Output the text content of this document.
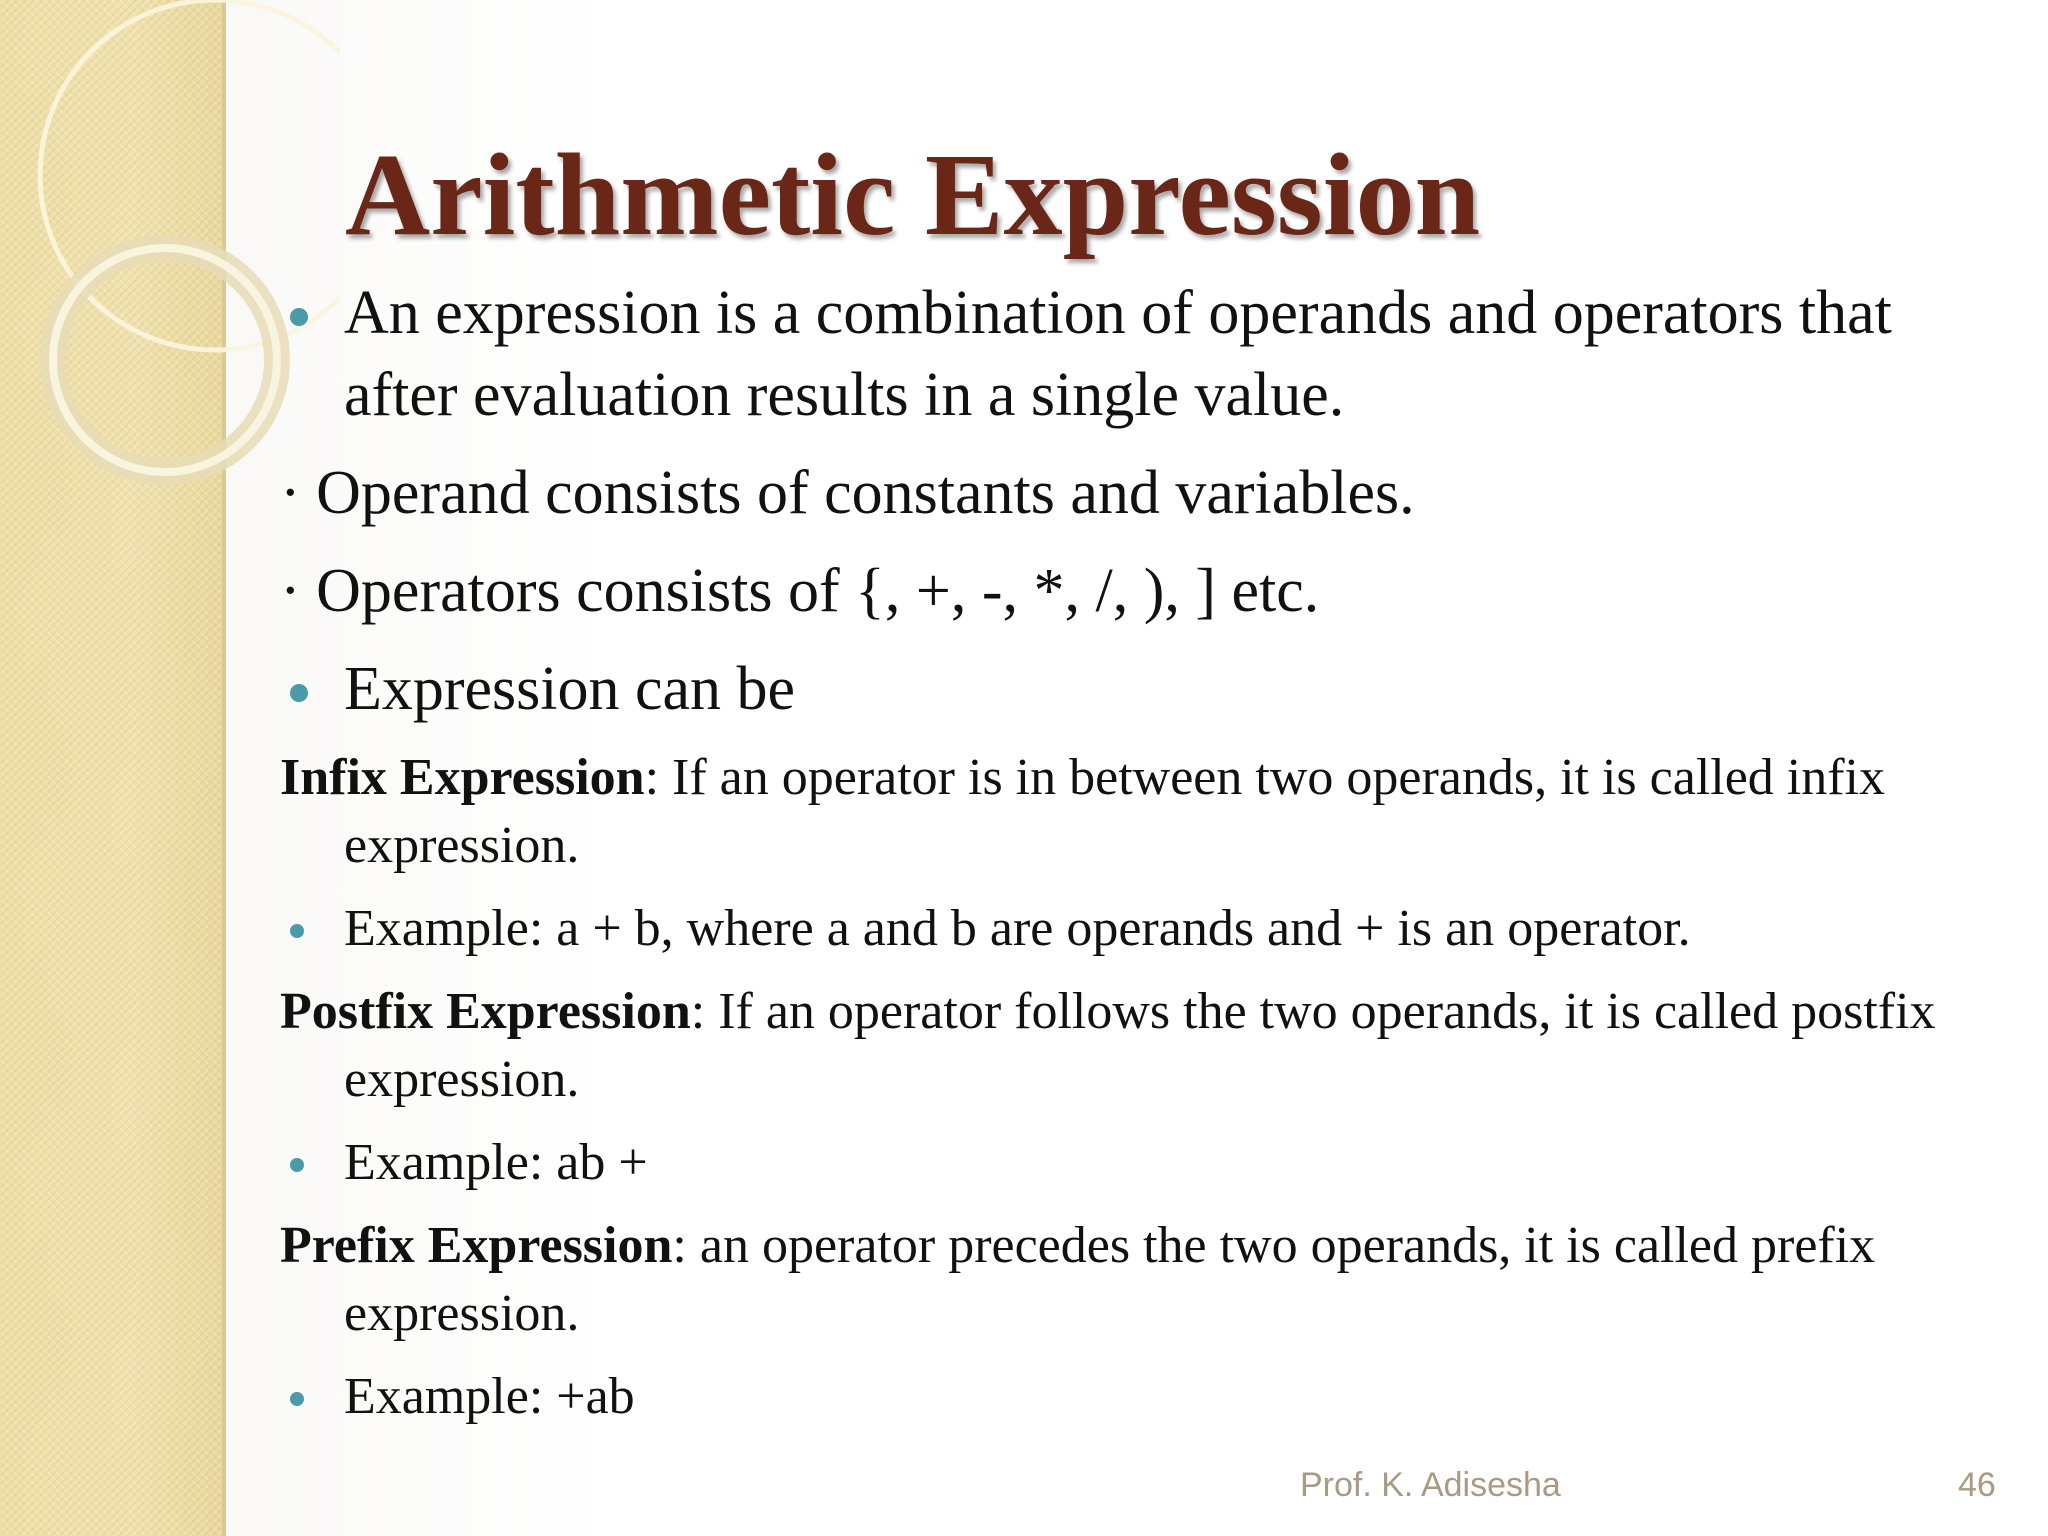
Arithmetic Expression
An expression is a combination of operands and operators that after evaluation results in a single value.
· Operand consists of constants and variables.
· Operators consists of {, +, -, *, /, ), ] etc.
Expression can be
Infix Expression: If an operator is in between two operands, it is called infix expression.
Example: a + b, where a and b are operands and + is an operator.
Postfix Expression: If an operator follows the two operands, it is called postfix expression.
Example: ab +
Prefix Expression: an operator precedes the two operands, it is called prefix expression.
Example: +ab
Prof. K. Adisesha	46
